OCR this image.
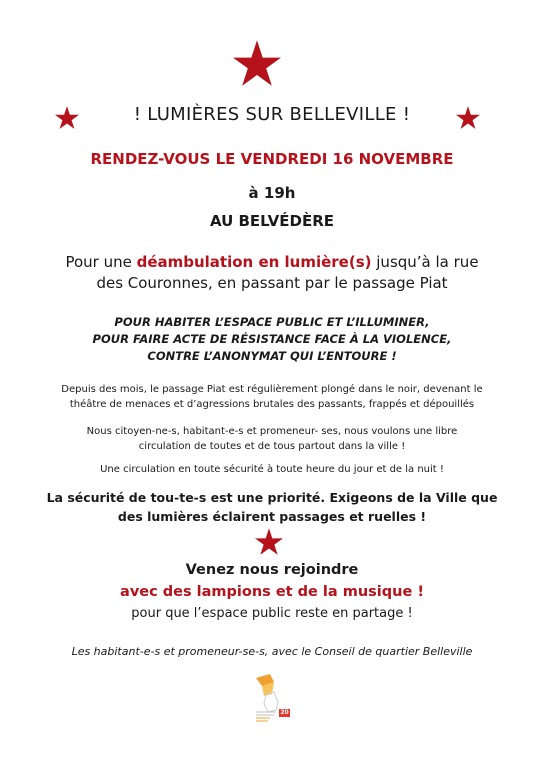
! LUMIÈRES SUR BELLEVILLE !
RENDEZ-VOUS LE VENDREDI 16 NOVEMBRE
à 19h
AU BELVÉDÈRE
Pour une déambulation en lumière(s) jusqu’à la rue
des Couronnes, en passant par le passage Piat
POUR HABITER L’ESPACE PUBLIC ET L’ILLUMINER,
POUR FAIRE ACTE DE RÉSISTANCE FACE À LA VIOLENCE,
CONTRE L’ANONYMAT QUI L’ENTOURE !
Depuis des mois, le passage Piat est régulièrement plongé dans le noir, devenant le
théâtre de menaces et d’agressions brutales des passants, frappés et dépouillés
Nous citoyen-ne-s, habitant-e-s et promeneur- ses, nous voulons une libre
circulation de toutes et de tous partout dans la ville !
Une circulation en toute sécurité à toute heure du jour et de la nuit !
La sécurité de tou-te-s est une priorité. Exigeons de la Ville que
des lumières éclairent passages et ruelles !
Venez nous rejoindre
avec des lampions et de la musique !
pour que l’espace public reste en partage !
Les habitant-e-s et promeneur-se-s, avec le Conseil de quartier Belleville
20
